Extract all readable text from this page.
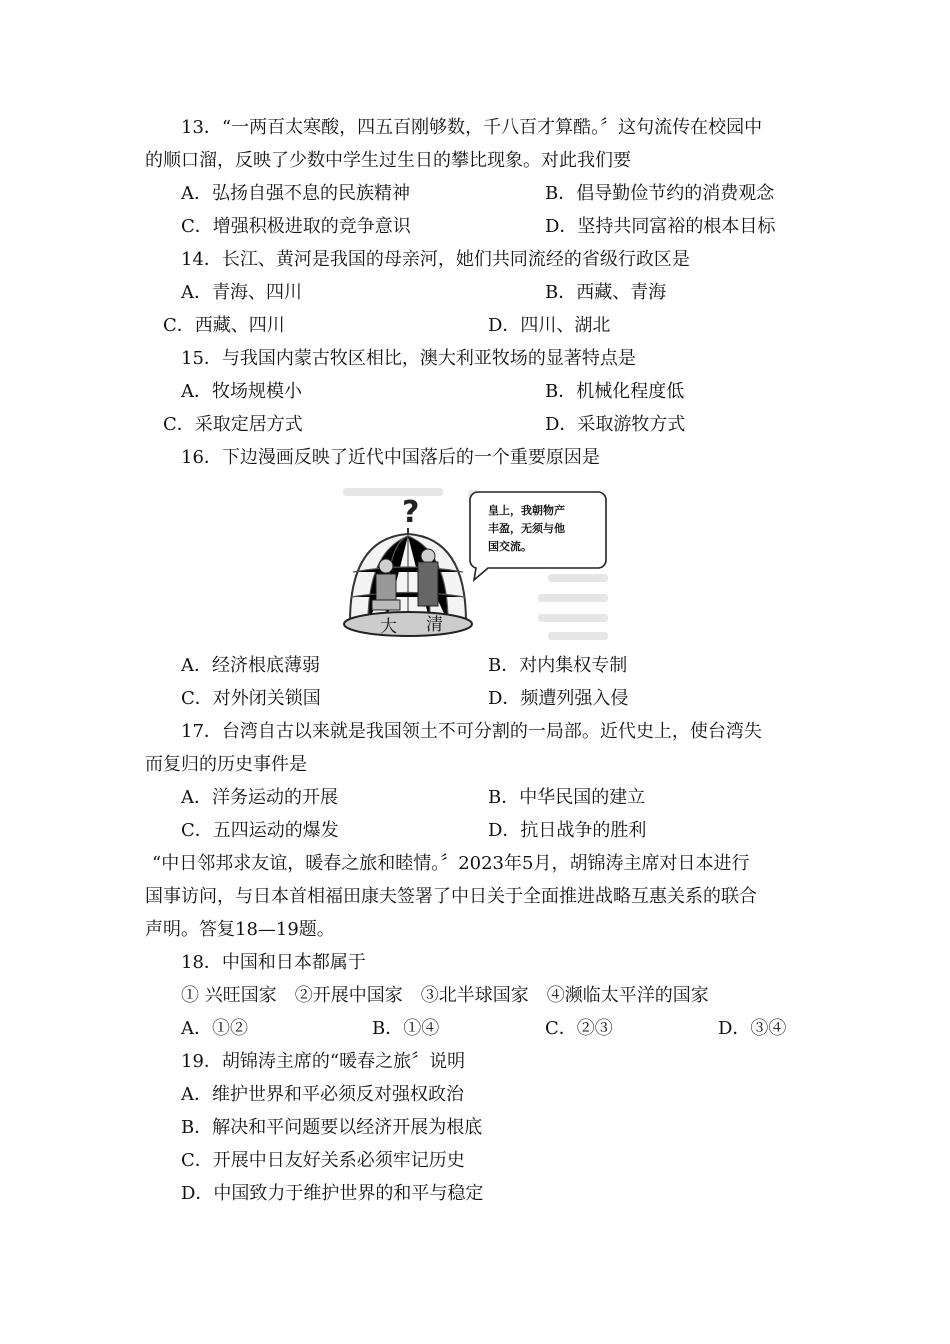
13．“一两百太寒酸，四五百刚够数，千八百才算酷。〞这句流传在校园中
的顺口溜，反映了少数中学生过生日的攀比现象。对此我们要
A．弘扬自强不息的民族精神	B．倡导勤俭节约的消费观念
C．增强积极进取的竞争意识	D．坚持共同富裕的根本目标
14．长江、黄河是我国的母亲河，她们共同流经的省级行政区是
A．青海、四川	B．西藏、青海
C．西藏、四川	D．四川、湖北
15．与我国内蒙古牧区相比，澳大利亚牧场的显著特点是
A．牧场规模小	B．机械化程度低
C．采取定居方式	D．采取游牧方式
16．下边漫画反映了近代中国落后的一个重要原因是
?
大 清
皇上，我朝物产
丰盈，无须与他
国交流。
A．经济根底薄弱	B．对内集权专制
C．对外闭关锁国	D．频遭列强入侵
17．台湾自古以来就是我国领土不可分割的一局部。近代史上，使台湾失
而复归的历史事件是
A．洋务运动的开展	B．中华民国的建立
C．五四运动的爆发	D．抗日战争的胜利
“中日邻邦求友谊，暖春之旅和睦情。〞2023年5月，胡锦涛主席对日本进行
国事访问，与日本首相福田康夫签署了中日关于全面推进战略互惠关系的联合
声明。答复18—19题。
18．中国和日本都属于
① 兴旺国家　②开展中国家　③北半球国家　④濒临太平洋的国家
A．①②	B．①④	C．②③	D．③④
19．胡锦涛主席的“暖春之旅〞说明
A．维护世界和平必须反对强权政治
B．解决和平问题要以经济开展为根底
C．开展中日友好关系必须牢记历史
D．中国致力于维护世界的和平与稳定
